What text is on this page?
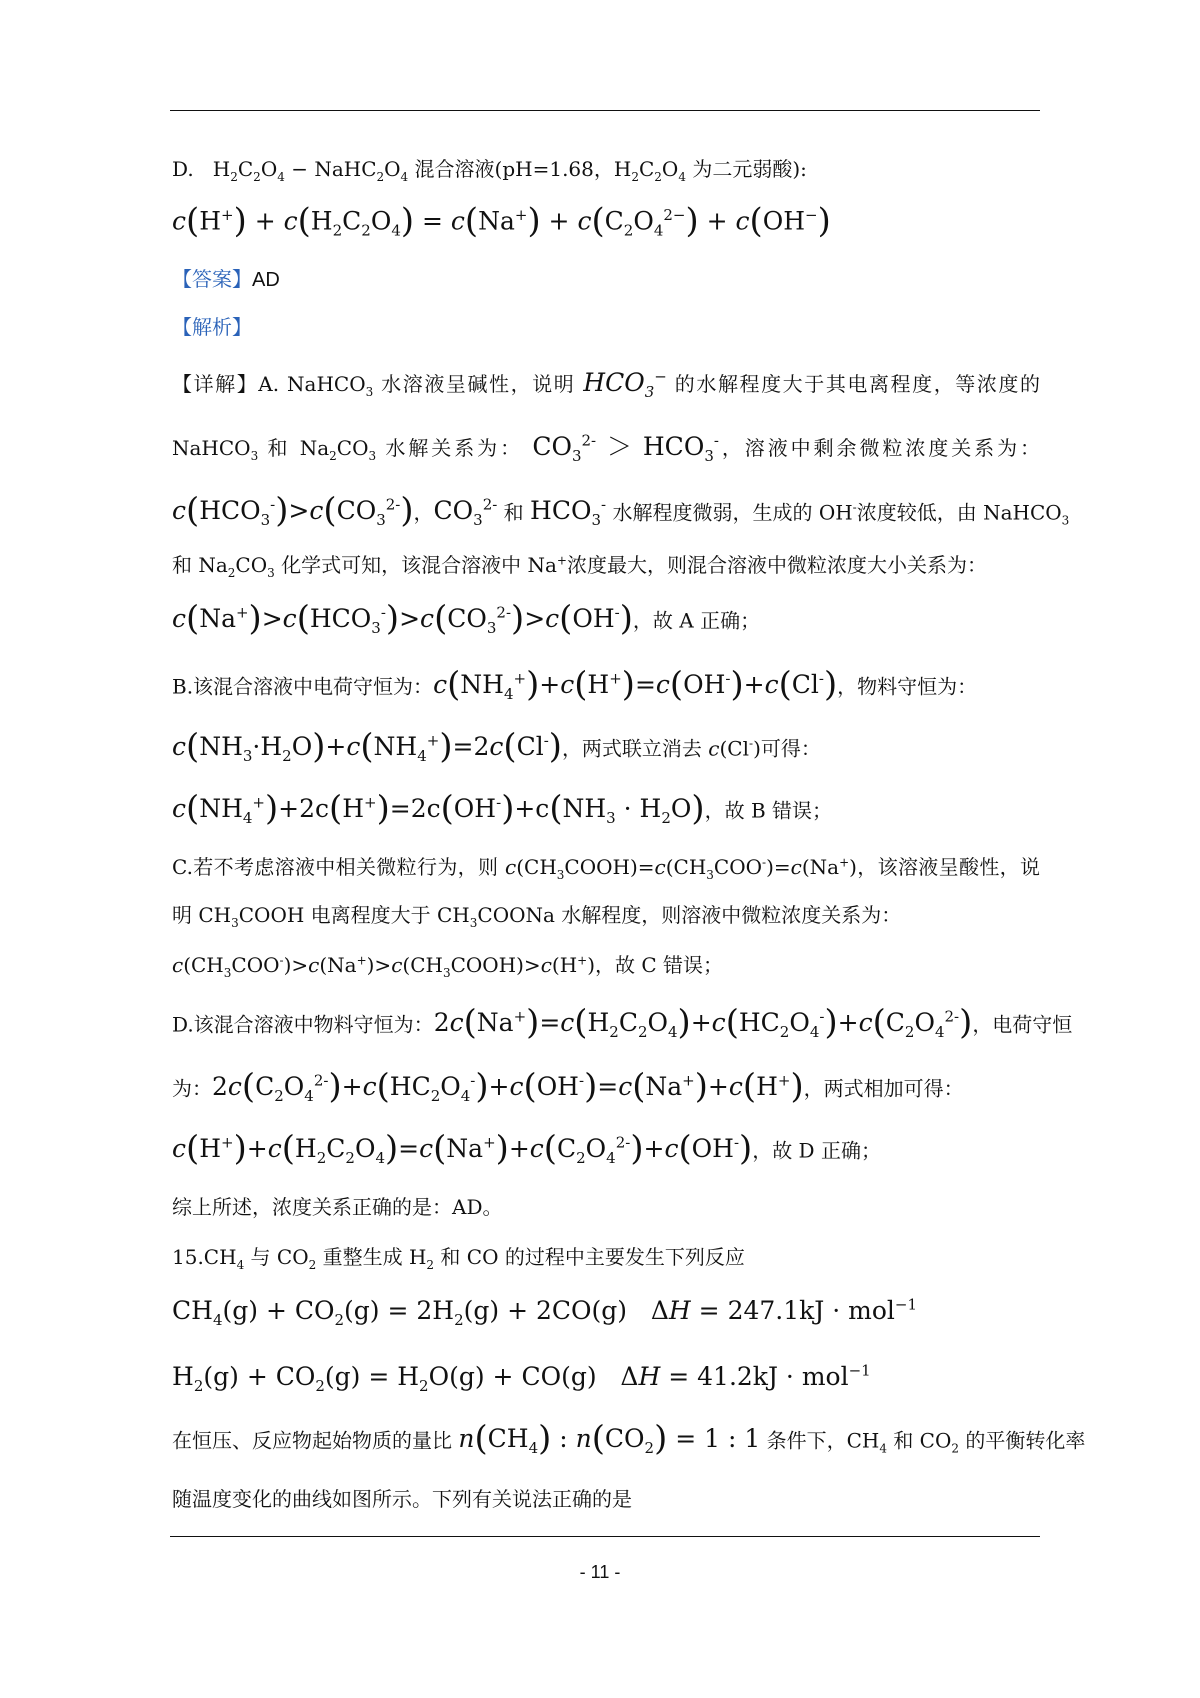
D. $H_2C_2O_4$ − $NaHC_2O_4$ 混合溶液(pH=1.68，$H_2C_2O_4$ 为二元弱酸):
$c(H^+) + c(H_2C_2O_4) = c(Na^+) + c(C_2O_4^{2-}) + c(OH^-)$
【答案】AD
【解析】
【详解】A. NaHCO$_3$ 水溶液呈碱性，说明 $HCO_3^-$ 的水解程度大于其电离程度，等浓度的
NaHCO$_3$ 和 $Na_2CO_3$ 水解关系为： $CO_3^{2-} > HCO_3^-$，溶液中剩余微粒浓度关系为：
$c(HCO_3^-)>c(CO_3^{2-})$，$CO_3^{2-}$ 和 $HCO_3^-$ 水解程度微弱，生成的 OH-浓度较低，由 NaHCO$_3$
和 $Na_2CO_3$ 化学式可知，该混合溶液中 Na+浓度最大，则混合溶液中微粒浓度大小关系为：
$c(Na^+)>c(HCO_3^-)>c(CO_3^{2-})>c(OH^-)$，故 A 正确；
B.该混合溶液中电荷守恒为：$c(NH_4^+)+c(H^+)=c(OH^-)+c(Cl^-)$，物料守恒为：
$c(NH_3\cdot H_2O)+c(NH_4^+)=2c(Cl^-)$，两式联立消去 c(Cl-)可得：
$c(NH_4^+)+2c(H^+)=2c(OH^-)+c(NH_3 \cdot H_2O)$，故 B 错误；
C.若不考虑溶液中相关微粒行为，则 $c(CH_3COOH)=c(CH_3COO^-)=c(Na^+)$，该溶液呈酸性，说
明 $CH_3COOH$ 电离程度大于 $CH_3COONa$ 水解程度，则溶液中微粒浓度关系为：
$c(CH_3COO^-)>c(Na^+)>c(CH_3COOH)>c(H^+)$，故 C 错误；
D.该混合溶液中物料守恒为：$2c(Na^+)=c(H_2C_2O_4)+c(HC_2O_4^-)+c(C_2O_4^{2-})$，电荷守恒
为：$2c(C_2O_4^{2-})+c(HC_2O_4^-)+c(OH^-)=c(Na^+)+c(H^+)$，两式相加可得：
$c(H^+)+c(H_2C_2O_4)=c(Na^+)+c(C_2O_4^{2-})+c(OH^-)$，故 D 正确；
综上所述，浓度关系正确的是：AD。
$15.CH_4$ 与 $CO_2$ 重整生成 $H_2$ 和 CO 的过程中主要发生下列反应
$CH_4(g) + CO_2(g) = 2H_2(g) + 2CO(g) \Delta H = 247.1kJ \cdot mol^{-1}$
$H_2(g) + CO_2(g) = H_2O(g) + CO(g) \Delta H = 41.2kJ \cdot mol^{-1}$
在恒压、反应物起始物质的量比 $n(CH_4)$ : $n(CO_2) = 1$ : 1 条件下，$CH_4$ 和 $CO_2$ 的平衡转化率
随温度变化的曲线如图所示。下列有关说法正确的是
- 11 -
